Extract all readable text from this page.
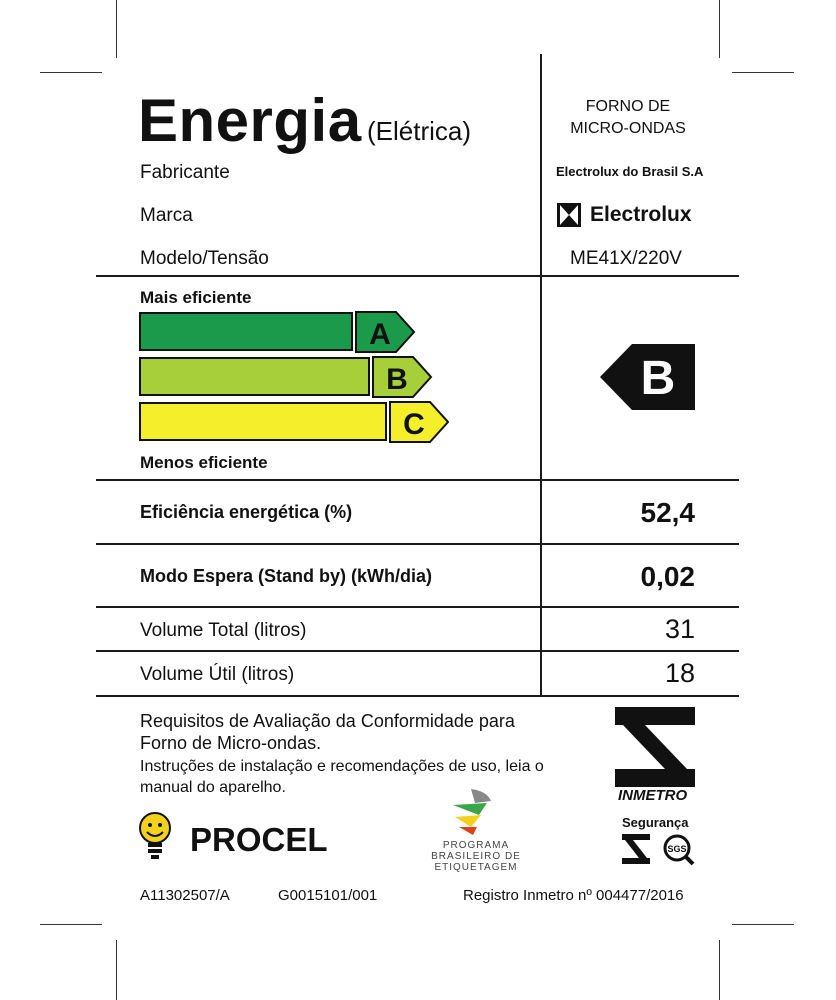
Energia (Elétrica)
FORNO DE
MICRO-ONDAS
Fabricante	Electrolux do Brasil S.A
Marca	Electrolux
Modelo/Tensão	ME41X/220V
Mais eficiente
A
B
C
Menos eficiente
B
Eficiência energética (%)	52,4
Modo Espera (Stand by) (kWh/dia)	0,02
Volume Total (litros)	31
Volume Útil (litros)	18
Requisitos de Avaliação da Conformidade para
Forno de Micro-ondas.
Instruções de instalação e recomendações de uso, leia o
manual do aparelho.	INMETRO
Segurança
SGS
PROCEL	PROGRAMA
BRASILEIRO DE
ETIQUETAGEM
A11302507/A	G0015101/001	Registro Inmetro nº 004477/2016
